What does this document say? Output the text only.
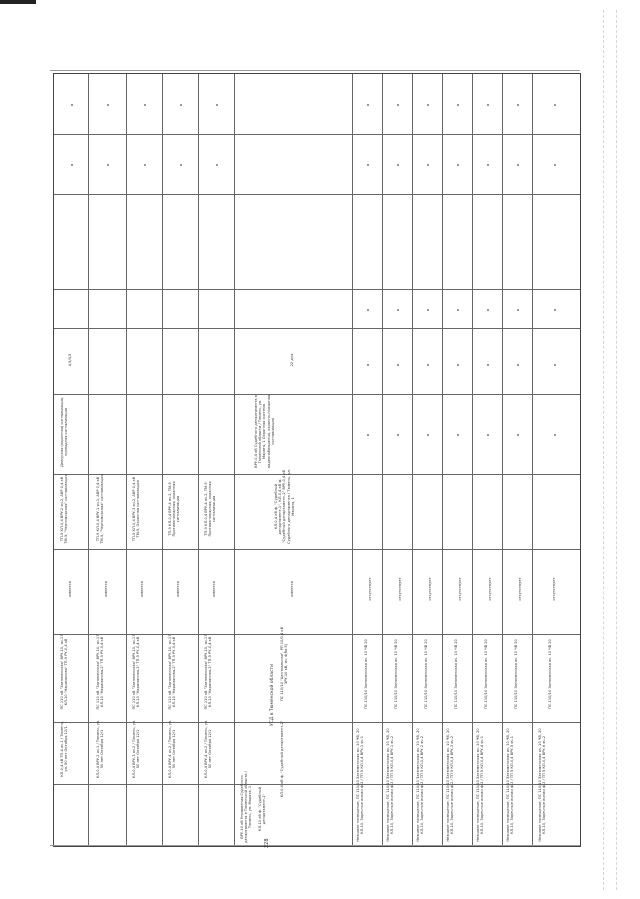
КЛ-0,4 кВ ТП-4 яч.2 / Тюмень, ул. 50 лет Октября 12/1
ПС 110 кВ "Затюменская" ВРУ-10, яч.17 КЛ-10 "Нариманова" ТП-9 РУ-0,4 кВ
имеется
ТП-9 КЛ-0,4 ВРУ-2 яч.2, АВР 0,4 кВ ТМ-9, "Черноморская" сигнализация
Дежурная (охранная) сигнализация, проводная сигнализация
4,5/4,5
КЛ-0,4 ВРУ-2 яч.1 / Тюмень, ул. 50 лет Октября 12/1
ПС 110 кВ "Затюменская" ВРУ-10, яч.17 КЛ-10 "Нариманова-2" ТП-9 РУ-0,4 кВ
имеется
ТП-9 КЛ-0,4 ВРУ-1 яч.1, АВР 0,4 кВ ТМ-9, "Черноморская" сигнализация
КЛ-0,4 ВРУ-3 яч.2 / Тюмень, ул. 50 лет Октября 12/1
ПС 110 кВ "Затюменская" ВРУ-10, яч.17 КЛ-10 "Нариманова-2" ТП-9 РУ-0,4 кВ
имеется
ТП-9 КЛ-0,4 ВРУ-3 яч.2, АВР 0,4 кВ ТМ-9, Охранная сигнализация
КЛ-0,4 ВРУ-4 яч.2 / Тюмень, ул. 50 лет Октября 12/1
ПС 110 кВ "Затюменская" ВРУ-10, яч.17 КЛ-10 "Нариманова-2" ТП-9 РУ-0,4 кВ
имеется
ТП-9 КЛ-0,4 ВРУ-4 яч.2, ТМ-9 Противопожарная, охранная сигнализация
КЛ-0,4 ВРУ-4 яч.2 / Тюмень, ул. 50 лет Октября 12/1
ПС 110 кВ "Затюменская" ВРУ-10, яч.17 КЛ-10 "Нариманова-2" ТП-9 РУ-0,4 кВ
имеется
ТП-9 КЛ-0,4 ВРУ-4 яч.2, ТМ-9 Противопожарная, охранная сигнализация
ВРУ-10 кВ Управления Судебного департамента в Тюменской области / Тюмень, ул. Марата, 1 КЛ-10 кВ ф. "Судебный департамент-1"
КЛ-0,4 кВ ф. "Судебный департамент-2"
ПС 110/10 "Центральная", РП 10/0,4 кВ ЗРУ-10 кВ, яч. 4(бл.5)
имеется
КЛ-0,4 кВ ф. "Судебный департамент-1", КЛ-0,4 кВ ф. "Судебный департамент-2" ВРУ-0,4 кВ Судебного департамента / Тюмень, ул. Марата, 1
ВРУ-0,4 кВ Судебного департамента в Тюменской области / Тюмень, ул. Марата, 1 Охранная система видеонаблюдения, охранно-пожарная сигнализация
22 дня
Нежилое помещение, ПС 110/10 Затюменская яч. 10 ЧВ, 20 КЛ-10, Заречные линии ф.2 / ТП 5 КЛ-0,4 ВРУ-1 яч.1
ПС 110/10 Затюменская яч. 10 ЧВ 20
отсутствует
Нежилое помещение, ПС 110/10 Затюменская яч. 10 ЧВ, 20 КЛ-10, Заречные линии ф.2 / ТП 5 КЛ-0,4 ВРУ-1 яч.2
ПС 110/10 Затюменская яч. 10 ЧВ 20
отсутствует
Нежилое помещение, ПС 110/10 Затюменская яч. 10 ЧВ, 20 КЛ-10, Заречные линии ф.2 / ТП 5 КЛ-0,4 ВРУ-2 яч.2
ПС 110/10 Затюменская яч. 10 ЧВ 20
отсутствует
Нежилое помещение, ПС 110/10 Затюменская яч. 10 ЧВ, 20 КЛ-10, Заречные линии ф.2 / ТП 5 КЛ-0,4 ВРУ-3 яч.2
ПС 110/10 Затюменская яч. 10 ЧВ 20
отсутствует
Нежилое помещение, ПС 110/10 Затюменская яч. 10 ЧВ, 20 КЛ-10, Заречные линии ф.2 / ТП 5 КЛ-0,4 ВРУ-4 яч.1
ПС 110/10 Затюменская яч. 10 ЧВ 20
отсутствует
Нежилое помещение, ПС 110/10 Затюменская яч. 10 ЧВ, 20 КЛ-10, Заречные линии ф.2 / ТП 5 КЛ-0,4 ВРУ-5 яч.1
ПС 110/10 Затюменская яч. 10 ЧВ 20
отсутствует
Нежилое помещение, ПС 110/10 Затюменская яч. 10 ЧВ, 20 КЛ-10, Заречные линии ф.2 / ТП 5 КЛ-0,4 ВРУ-6 яч.2
ПС 110/10 Затюменская яч. 10 ЧВ 20
отсутствует
УСД в Тюменской области
228
